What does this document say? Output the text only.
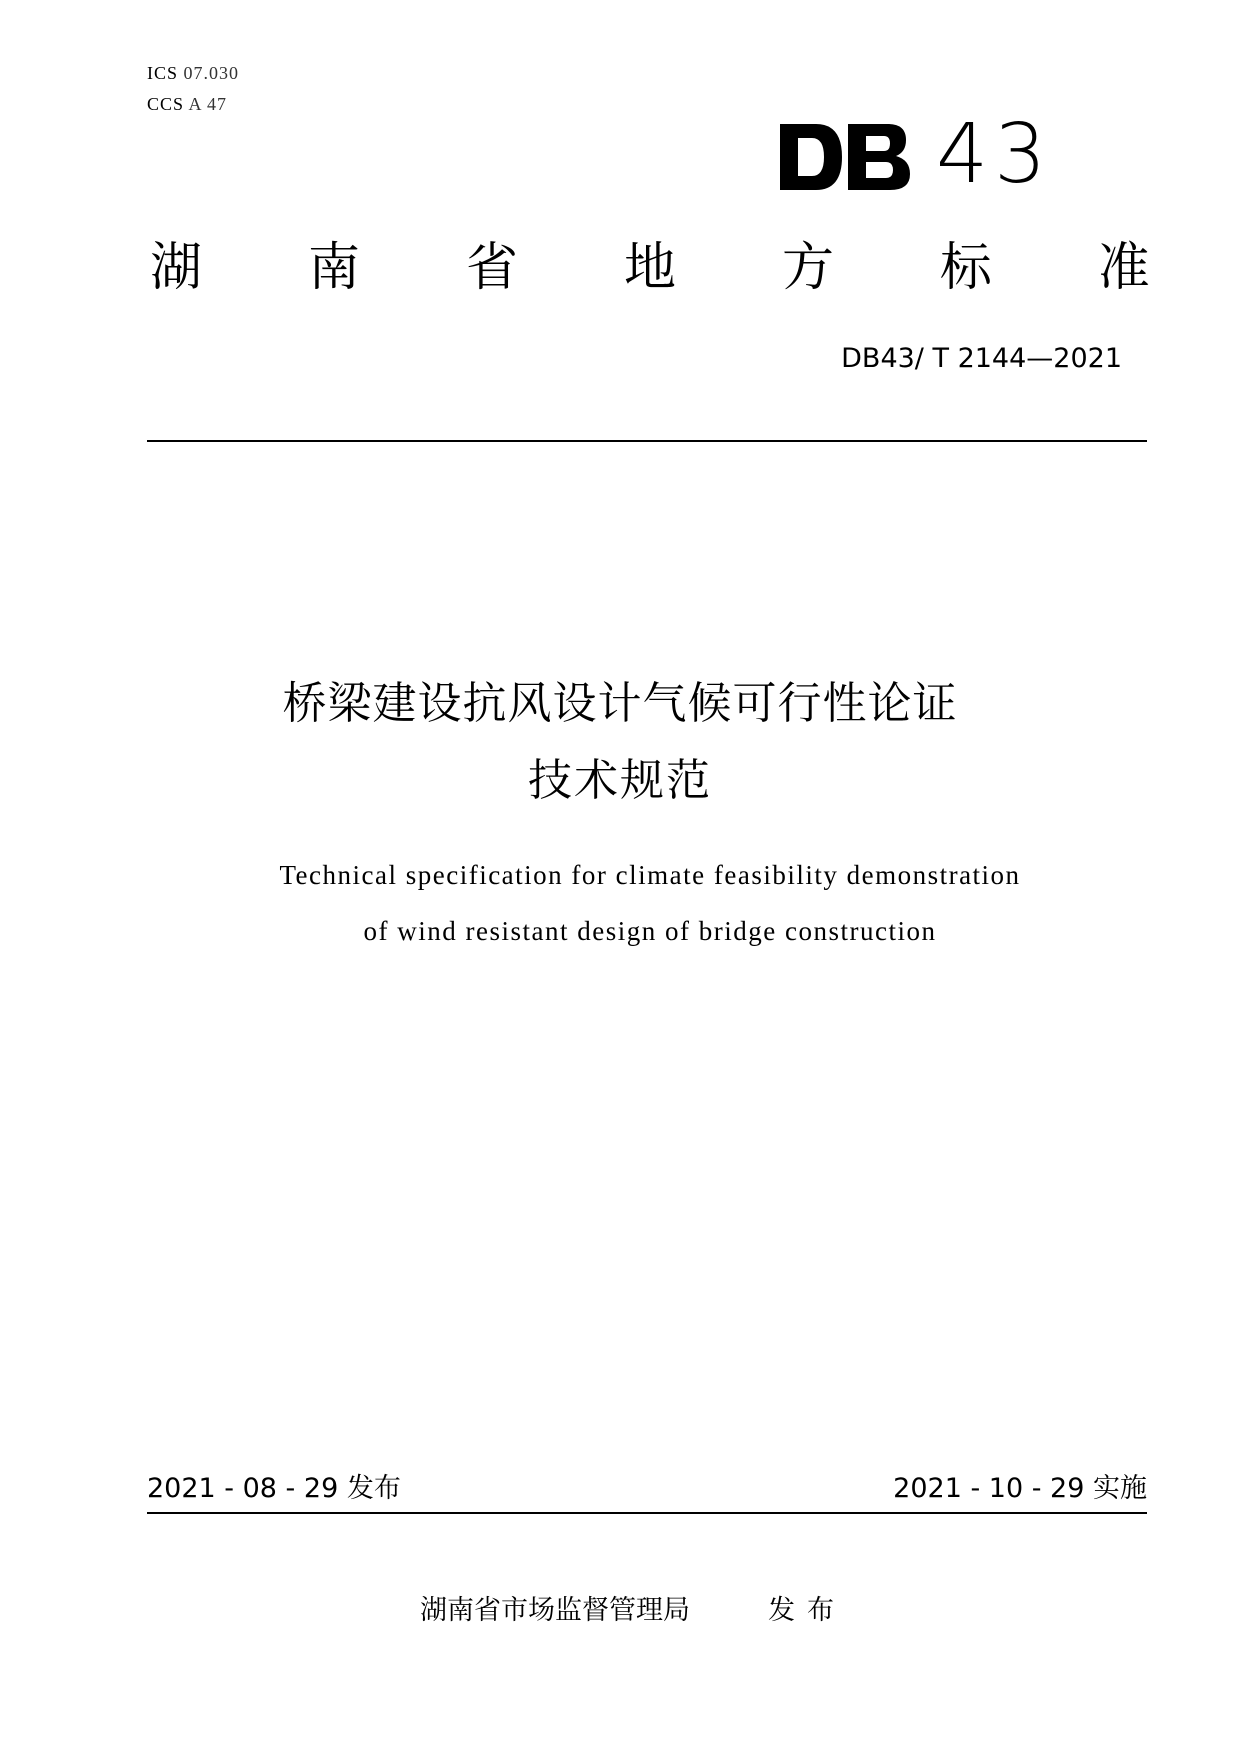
ICS 07.030
CCS A 47
43
湖 南 省 地 方 标 准
DB43/ T 2144—2021
桥梁建设抗风设计气候可行性论证
技术规范
Technical specification for climate feasibility demonstration
of wind resistant design of bridge construction
2021 - 08 - 29 发布	2021 - 10 - 29 实施
湖南省市场监督管理局	发布
